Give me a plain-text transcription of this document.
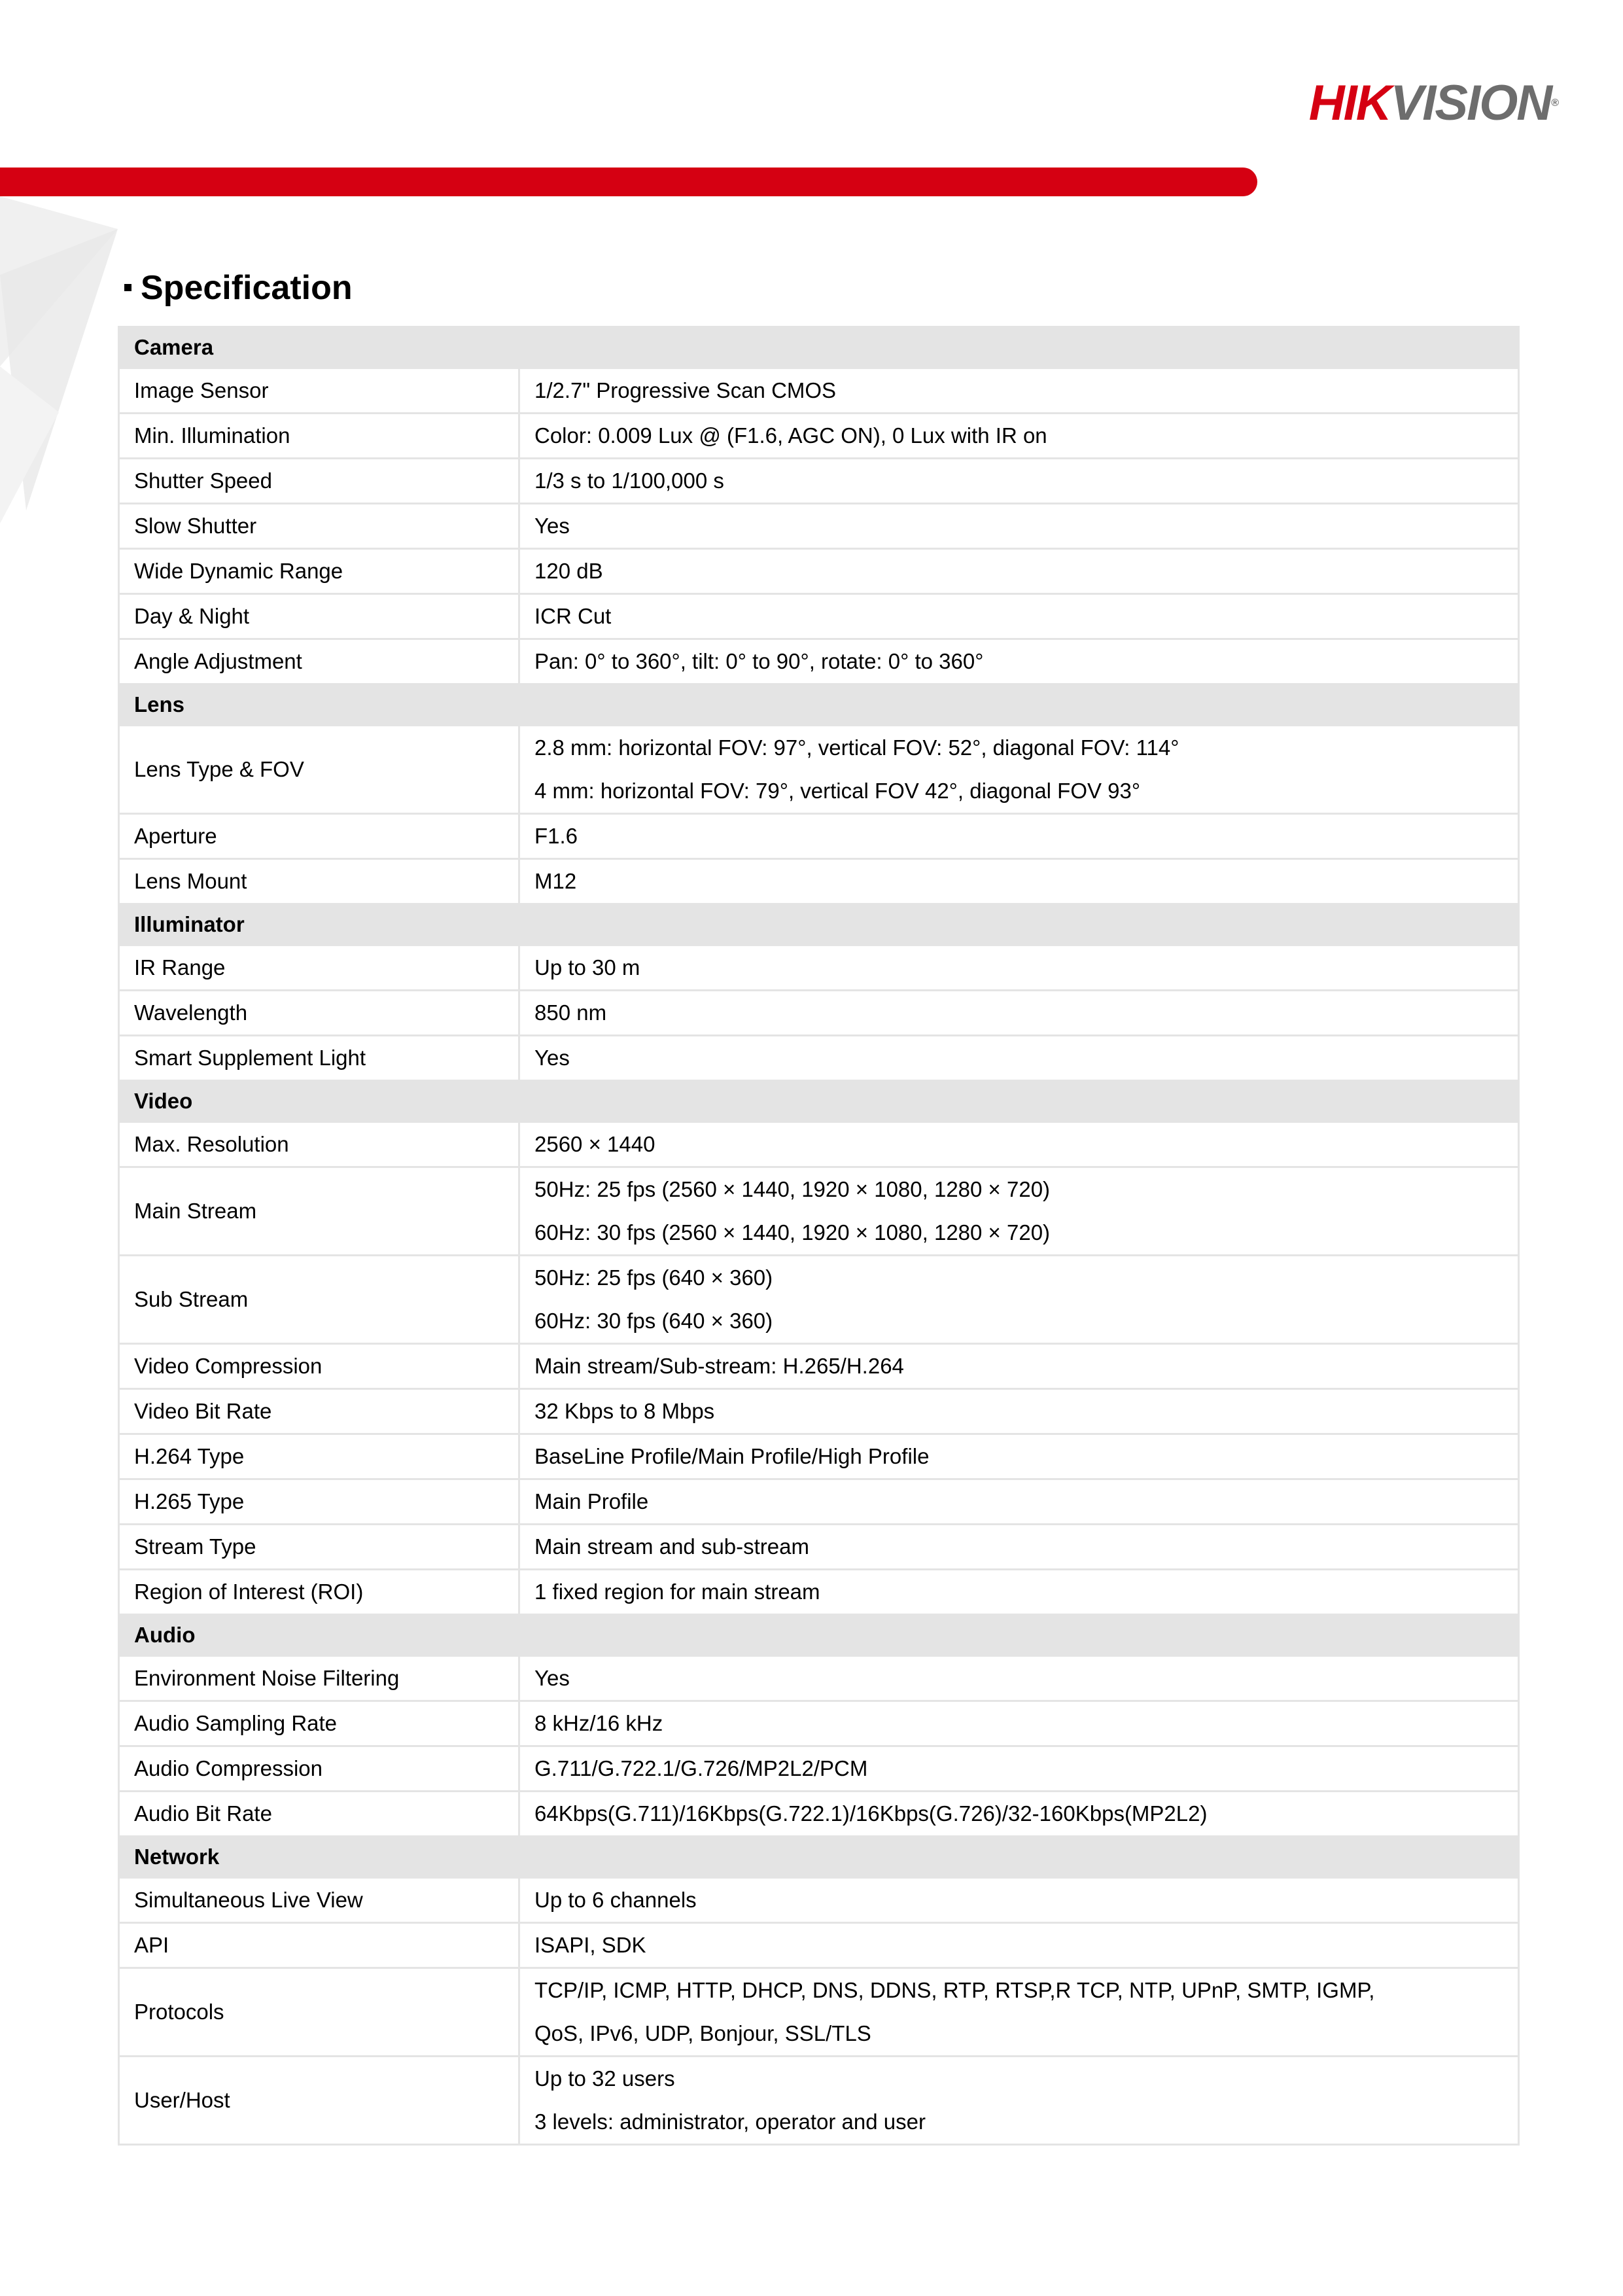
HIKVISION®
Specification
Camera	
Image Sensor	1/2.7" Progressive Scan CMOS

Min. Illumination	Color: 0.009 Lux @ (F1.6, AGC ON), 0 Lux with IR on

Shutter Speed	1/3 s to 1/100,000 s

Slow Shutter	Yes

Wide Dynamic Range	120 dB

Day & Night	ICR Cut

Angle Adjustment	Pan: 0° to 360°, tilt: 0° to 90°, rotate: 0° to 360°

Lens	
Lens Type & FOV	2.8 mm: horizontal FOV: 97°, vertical FOV: 52°, diagonal FOV: 114°
4 mm: horizontal FOV: 79°, vertical FOV 42°, diagonal FOV 93°

Aperture	F1.6

Lens Mount	M12

Illuminator	
IR Range	Up to 30 m

Wavelength	850 nm

Smart Supplement Light	Yes

Video	
Max. Resolution	2560 × 1440

Main Stream	50Hz: 25 fps (2560 × 1440, 1920 × 1080, 1280 × 720)
60Hz: 30 fps (2560 × 1440, 1920 × 1080, 1280 × 720)

Sub Stream	50Hz: 25 fps (640 × 360)
60Hz: 30 fps (640 × 360)

Video Compression	Main stream/Sub-stream: H.265/H.264

Video Bit Rate	32 Kbps to 8 Mbps

H.264 Type	BaseLine Profile/Main Profile/High Profile

H.265 Type	Main Profile

Stream Type	Main stream and sub-stream

Region of Interest (ROI)	1 fixed region for main stream

Audio	
Environment Noise Filtering	Yes

Audio Sampling Rate	8 kHz/16 kHz

Audio Compression	G.711/G.722.1/G.726/MP2L2/PCM

Audio Bit Rate	64Kbps(G.711)/16Kbps(G.722.1)/16Kbps(G.726)/32-160Kbps(MP2L2)

Network	
Simultaneous Live View	Up to 6 channels

API	ISAPI, SDK

Protocols	TCP/IP, ICMP, HTTP, DHCP, DNS, DDNS, RTP, RTSP,R TCP, NTP, UPnP, SMTP, IGMP,
QoS, IPv6, UDP, Bonjour, SSL/TLS

User/Host	Up to 32 users
3 levels: administrator, operator and user
